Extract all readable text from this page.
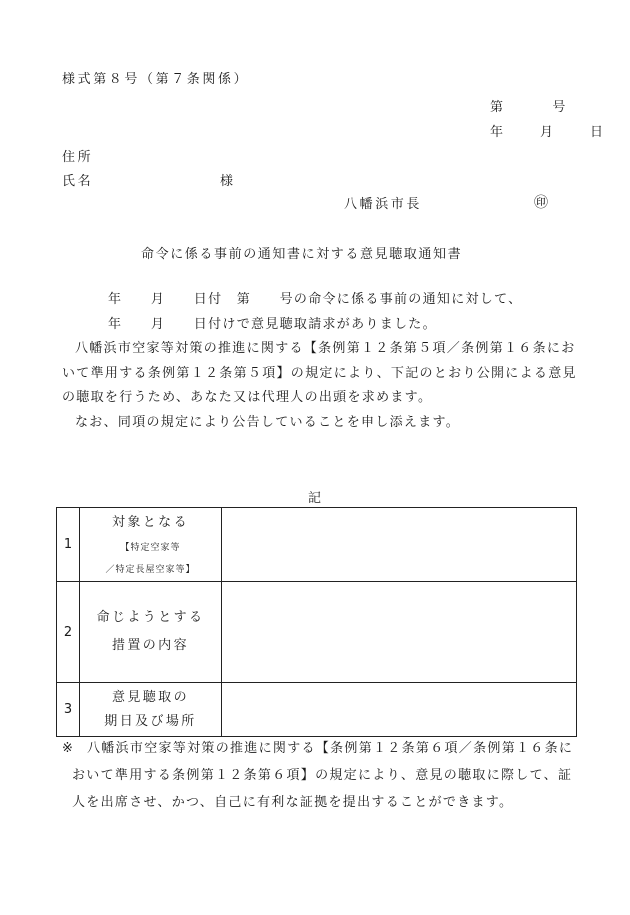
様式第８号（第７条関係）
第　　　号
年　月　日
住所
氏名	様
八幡浜市長	㊞
命令に係る事前の通知書に対する意見聴取通知書

年　　月　　日付　第　　号の命令に係る事前の通知に対して、

年　　月　　日付けで意見聴取請求がありました。

八幡浜市空家等対策の推進に関する【条例第１２条第５項／条例第１６条において準用する条例第１２条第５項】の規定により、下記のとおり公開による意見の聴取を行うため、あなた又は代理人の出頭を求めます。

なお、同項の規定により公告していることを申し添えます。

記
1	対象となる
【特定空家等
／特定長屋空家等】	

2	命じようとする
措置の内容	

3	意見聴取の
期日及び場所	

※ 八幡浜市空家等対策の推進に関する【条例第１２条第６項／条例第１６条に
おいて準用する条例第１２条第６項】の規定により、意見の聴取に際して、証人を出席させ、かつ、自己に有利な証拠を提出することができます。
